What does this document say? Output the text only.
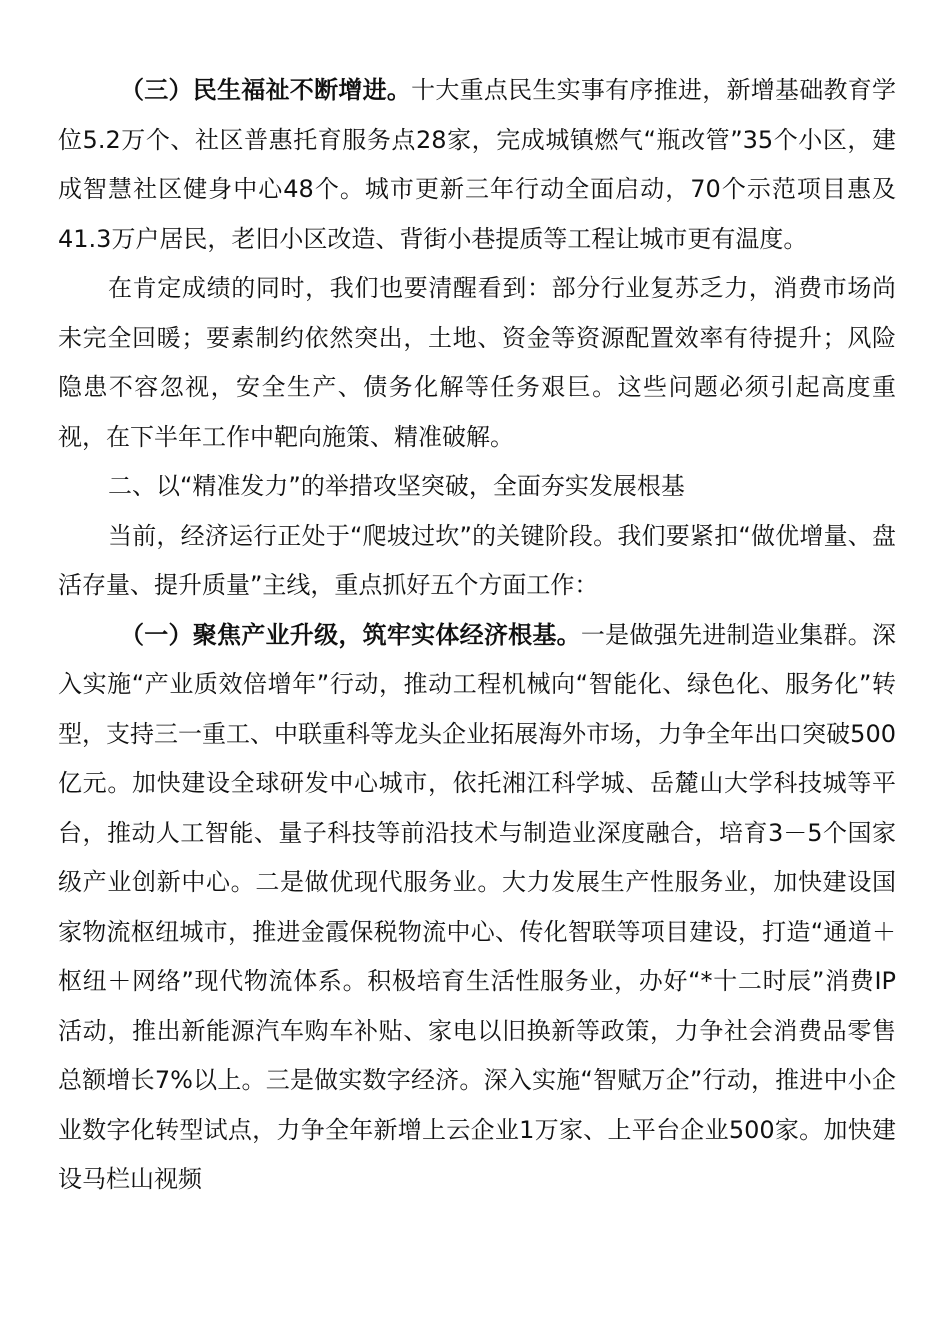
（三）民生福祉不断增进。十大重点民生实事有序推进，新增基础教育学位5.2万个、社区普惠托育服务点28家，完成城镇燃气“瓶改管”35个小区，建成智慧社区健身中心48个。城市更新三年行动全面启动，70个示范项目惠及41.3万户居民，老旧小区改造、背街小巷提质等工程让城市更有温度。

在肯定成绩的同时，我们也要清醒看到：部分行业复苏乏力，消费市场尚未完全回暖；要素制约依然突出，土地、资金等资源配置效率有待提升；风险隐患不容忽视，安全生产、债务化解等任务艰巨。这些问题必须引起高度重视，在下半年工作中靶向施策、精准破解。

二、以“精准发力”的举措攻坚突破，全面夯实发展根基

当前，经济运行正处于“爬坡过坎”的关键阶段。我们要紧扣“做优增量、盘活存量、提升质量”主线，重点抓好五个方面工作：

（一）聚焦产业升级，筑牢实体经济根基。一是做强先进制造业集群。深入实施“产业质效倍增年”行动，推动工程机械向“智能化、绿色化、服务化”转型，支持三一重工、中联重科等龙头企业拓展海外市场，力争全年出口突破500亿元。加快建设全球研发中心城市，依托湘江科学城、岳麓山大学科技城等平台，推动人工智能、量子科技等前沿技术与制造业深度融合，培育3－5个国家级产业创新中心。二是做优现代服务业。大力发展生产性服务业，加快建设国家物流枢纽城市，推进金霞保税物流中心、传化智联等项目建设，打造“通道＋枢纽＋网络”现代物流体系。积极培育生活性服务业，办好“*十二时辰”消费IP活动，推出新能源汽车购车补贴、家电以旧换新等政策，力争社会消费品零售总额增长7%以上。三是做实数字经济。深入实施“智赋万企”行动，推进中小企业数字化转型试点，力争全年新增上云企业1万家、上平台企业500家。加快建设马栏山视频
